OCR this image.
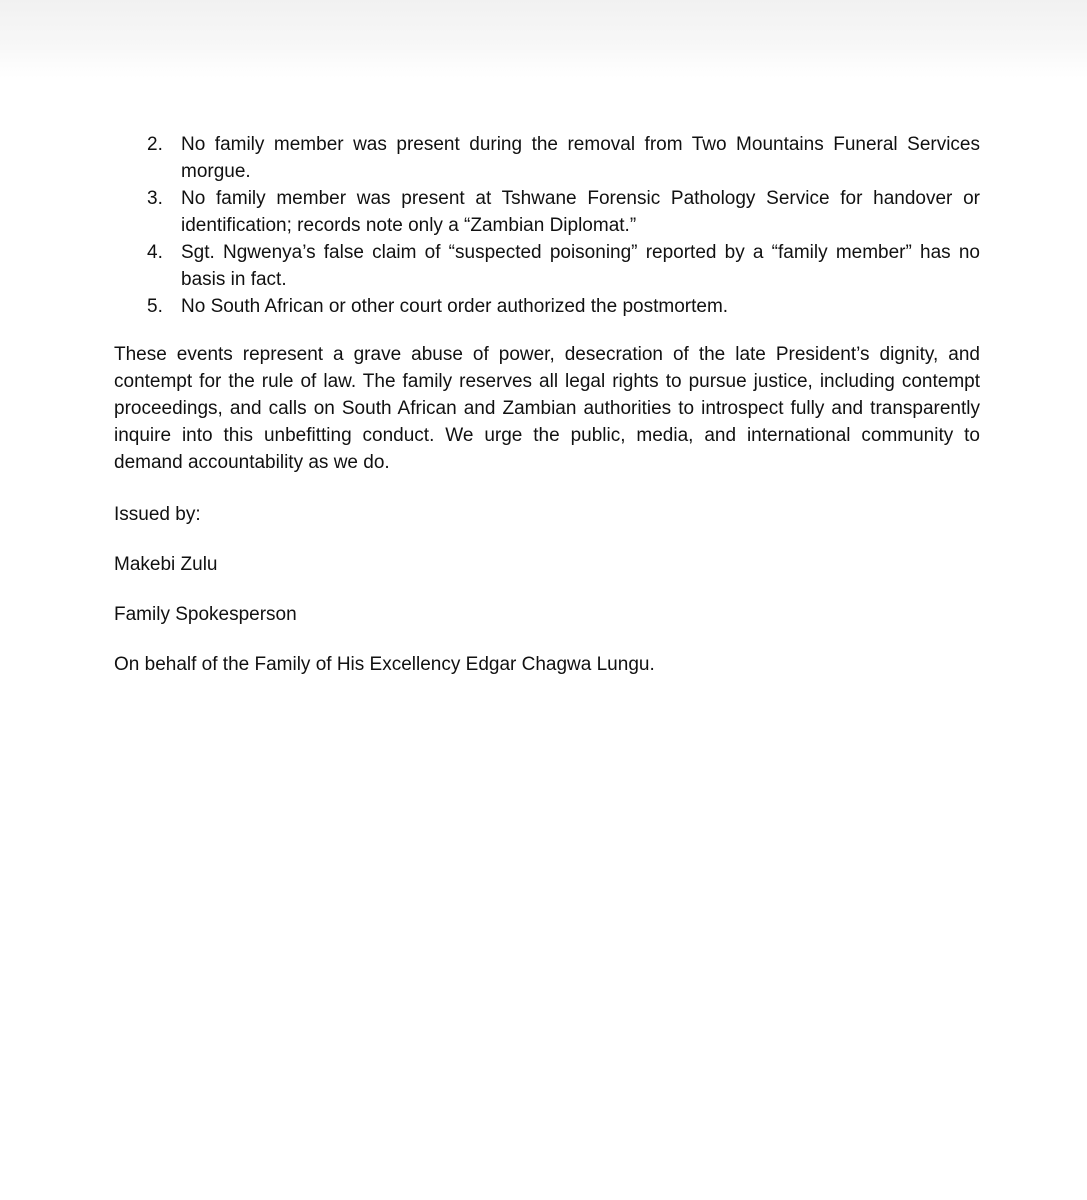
2. No family member was present during the removal from Two Mountains Funeral Services morgue.
3. No family member was present at Tshwane Forensic Pathology Service for handover or identification; records note only a “Zambian Diplomat.”
4. Sgt. Ngwenya’s false claim of “suspected poisoning” reported by a “family member” has no basis in fact.
5. No South African or other court order authorized the postmortem.

These events represent a grave abuse of power, desecration of the late President’s dignity, and contempt for the rule of law. The family reserves all legal rights to pursue justice, including contempt proceedings, and calls on South African and Zambian authorities to introspect fully and transparently inquire into this unbefitting conduct. We urge the public, media, and international community to demand accountability as we do.

Issued by:

Makebi Zulu

Family Spokesperson

On behalf of the Family of His Excellency Edgar Chagwa Lungu.
